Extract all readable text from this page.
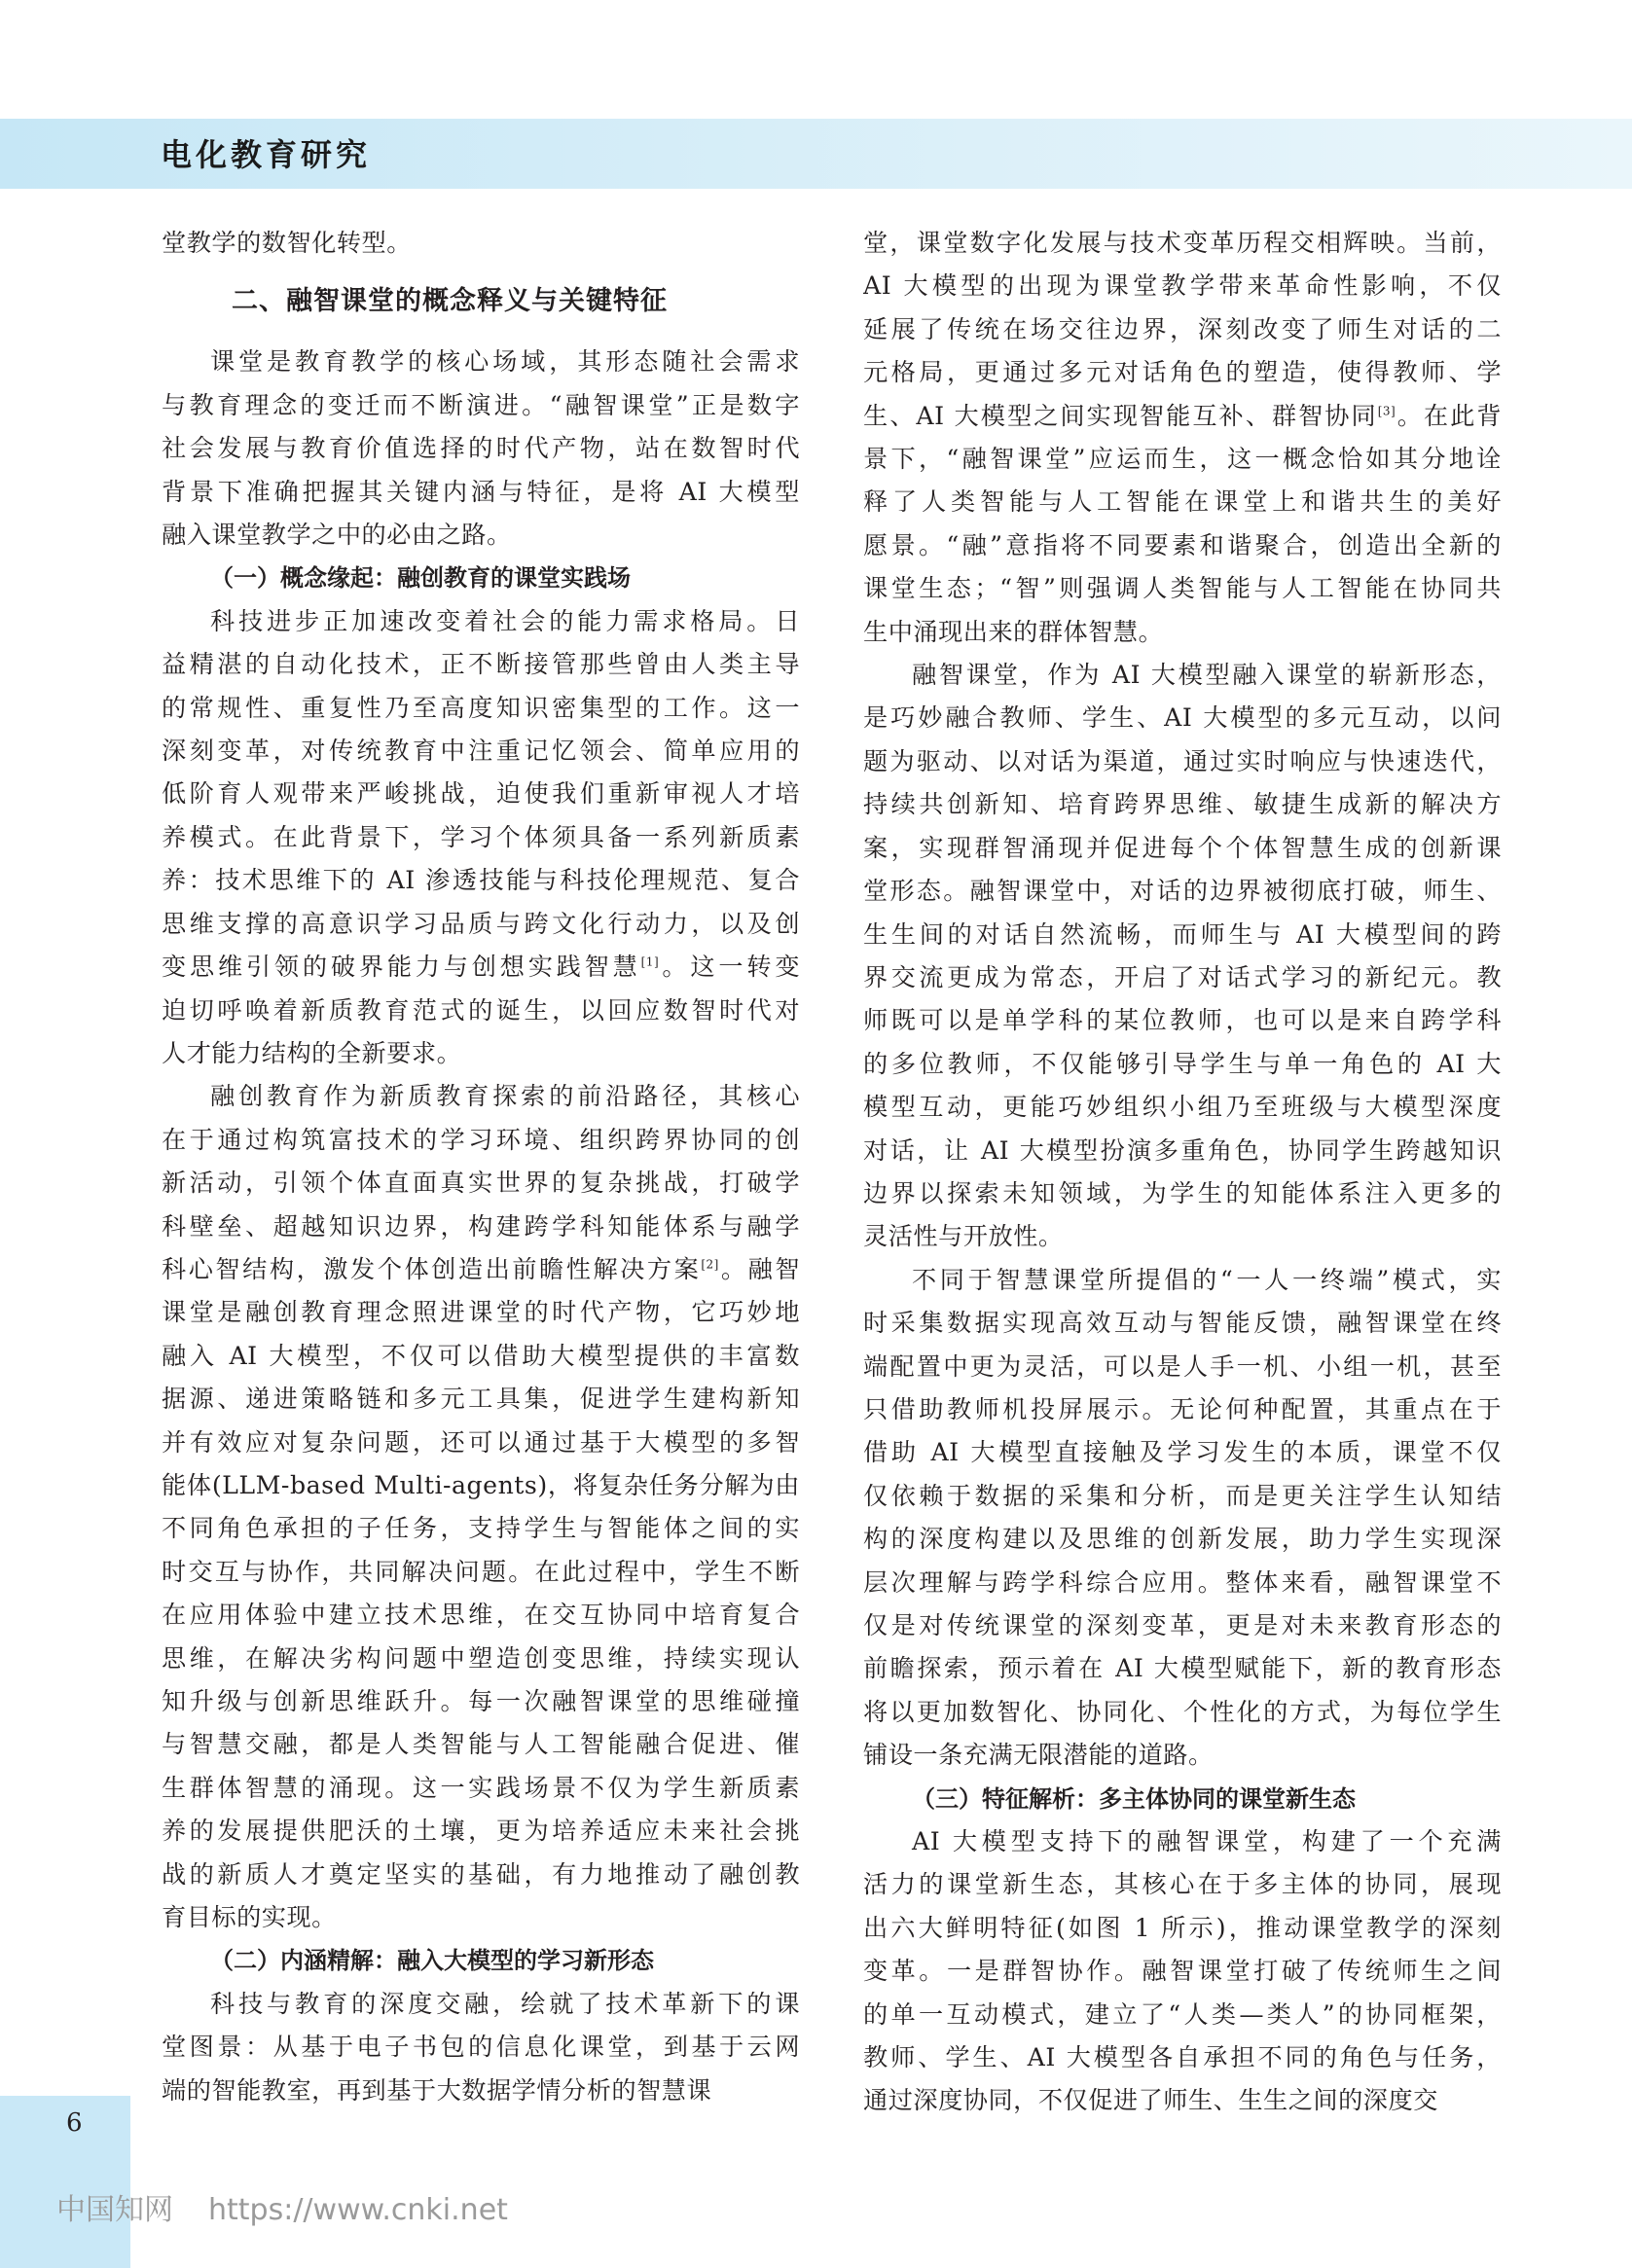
电化教育研究
堂教学的数智化转型。
二、融智课堂的概念释义与关键特征
课堂是教育教学的核心场域，其形态随社会需求
与教育理念的变迁而不断演进。“融智课堂”正是数字
社会发展与教育价值选择的时代产物，站在数智时代
背景下准确把握其关键内涵与特征，是将 AI 大模型
融入课堂教学之中的必由之路。
（一）概念缘起：融创教育的课堂实践场
科技进步正加速改变着社会的能力需求格局。日
益精湛的自动化技术，正不断接管那些曾由人类主导
的常规性、重复性乃至高度知识密集型的工作。这一
深刻变革，对传统教育中注重记忆领会、简单应用的
低阶育人观带来严峻挑战，迫使我们重新审视人才培
养模式。在此背景下，学习个体须具备一系列新质素
养：技术思维下的 AI 渗透技能与科技伦理规范、复合
思维支撑的高意识学习品质与跨文化行动力，以及创
变思维引领的破界能力与创想实践智慧[1]。这一转变
迫切呼唤着新质教育范式的诞生，以回应数智时代对
人才能力结构的全新要求。
融创教育作为新质教育探索的前沿路径，其核心
在于通过构筑富技术的学习环境、组织跨界协同的创
新活动，引领个体直面真实世界的复杂挑战，打破学
科壁垒、超越知识边界，构建跨学科知能体系与融学
科心智结构，激发个体创造出前瞻性解决方案[2]。融智
课堂是融创教育理念照进课堂的时代产物，它巧妙地
融入 AI 大模型，不仅可以借助大模型提供的丰富数
据源、递进策略链和多元工具集，促进学生建构新知
并有效应对复杂问题，还可以通过基于大模型的多智
能体(LLM-based Multi-agents)，将复杂任务分解为由
不同角色承担的子任务，支持学生与智能体之间的实
时交互与协作，共同解决问题。在此过程中，学生不断
在应用体验中建立技术思维，在交互协同中培育复合
思维，在解决劣构问题中塑造创变思维，持续实现认
知升级与创新思维跃升。每一次融智课堂的思维碰撞
与智慧交融，都是人类智能与人工智能融合促进、催
生群体智慧的涌现。这一实践场景不仅为学生新质素
养的发展提供肥沃的土壤，更为培养适应未来社会挑
战的新质人才奠定坚实的基础，有力地推动了融创教
育目标的实现。
（二）内涵精解：融入大模型的学习新形态
科技与教育的深度交融，绘就了技术革新下的课
堂图景：从基于电子书包的信息化课堂，到基于云网
端的智能教室，再到基于大数据学情分析的智慧课
堂，课堂数字化发展与技术变革历程交相辉映。当前，
AI 大模型的出现为课堂教学带来革命性影响，不仅
延展了传统在场交往边界，深刻改变了师生对话的二
元格局，更通过多元对话角色的塑造，使得教师、学
生、AI 大模型之间实现智能互补、群智协同[3]。在此背
景下，“融智课堂”应运而生，这一概念恰如其分地诠
释了人类智能与人工智能在课堂上和谐共生的美好
愿景。“融”意指将不同要素和谐聚合，创造出全新的
课堂生态；“智”则强调人类智能与人工智能在协同共
生中涌现出来的群体智慧。
融智课堂，作为 AI 大模型融入课堂的崭新形态，
是巧妙融合教师、学生、AI 大模型的多元互动，以问
题为驱动、以对话为渠道，通过实时响应与快速迭代，
持续共创新知、培育跨界思维、敏捷生成新的解决方
案，实现群智涌现并促进每个个体智慧生成的创新课
堂形态。融智课堂中，对话的边界被彻底打破，师生、
生生间的对话自然流畅，而师生与 AI 大模型间的跨
界交流更成为常态，开启了对话式学习的新纪元。教
师既可以是单学科的某位教师，也可以是来自跨学科
的多位教师，不仅能够引导学生与单一角色的 AI 大
模型互动，更能巧妙组织小组乃至班级与大模型深度
对话，让 AI 大模型扮演多重角色，协同学生跨越知识
边界以探索未知领域，为学生的知能体系注入更多的
灵活性与开放性。
不同于智慧课堂所提倡的“一人一终端”模式，实
时采集数据实现高效互动与智能反馈，融智课堂在终
端配置中更为灵活，可以是人手一机、小组一机，甚至
只借助教师机投屏展示。无论何种配置，其重点在于
借助 AI 大模型直接触及学习发生的本质，课堂不仅
仅依赖于数据的采集和分析，而是更关注学生认知结
构的深度构建以及思维的创新发展，助力学生实现深
层次理解与跨学科综合应用。整体来看，融智课堂不
仅是对传统课堂的深刻变革，更是对未来教育形态的
前瞻探索，预示着在 AI 大模型赋能下，新的教育形态
将以更加数智化、协同化、个性化的方式，为每位学生
铺设一条充满无限潜能的道路。
（三）特征解析：多主体协同的课堂新生态
AI 大模型支持下的融智课堂，构建了一个充满
活力的课堂新生态，其核心在于多主体的协同，展现
出六大鲜明特征(如图 1 所示)，推动课堂教学的深刻
变革。一是群智协作。融智课堂打破了传统师生之间
的单一互动模式，建立了“人类—类人”的协同框架，
教师、学生、AI 大模型各自承担不同的角色与任务，
通过深度协同，不仅促进了师生、生生之间的深度交
6
中国知网 https://www.cnki.net
